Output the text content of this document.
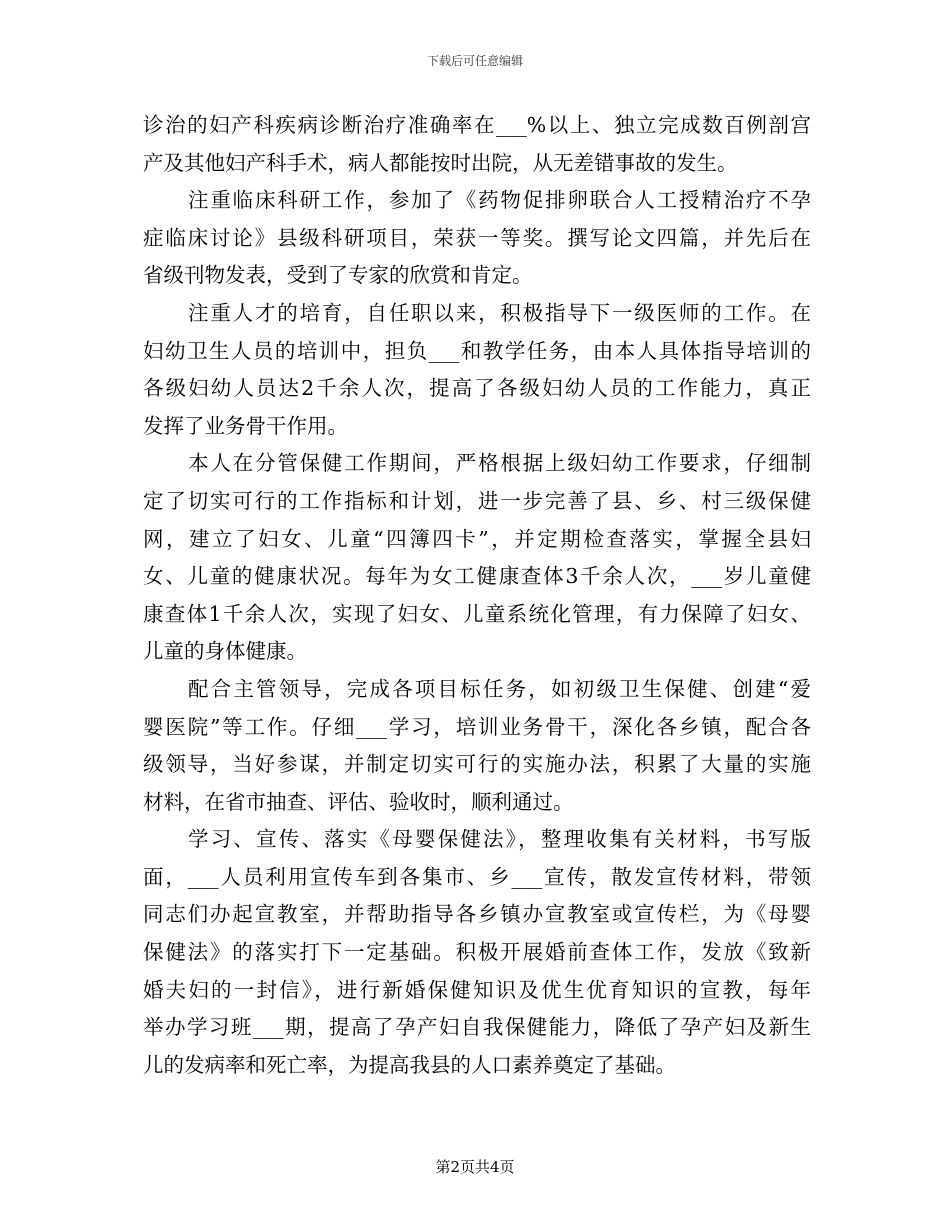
下载后可任意编辑
诊治的妇产科疾病诊断治疗准确率在___%以上、独立完成数百例剖宫
产及其他妇产科手术，病人都能按时出院，从无差错事故的发生。
注重临床科研工作，参加了《药物促排卵联合人工授精治疗不孕
症临床讨论》县级科研项目，荣获一等奖。撰写论文四篇，并先后在
省级刊物发表，受到了专家的欣赏和肯定。
注重人才的培育，自任职以来，积极指导下一级医师的工作。在
妇幼卫生人员的培训中，担负___和教学任务，由本人具体指导培训的
各级妇幼人员达2千余人次，提高了各级妇幼人员的工作能力，真正
发挥了业务骨干作用。
本人在分管保健工作期间，严格根据上级妇幼工作要求，仔细制
定了切实可行的工作指标和计划，进一步完善了县、乡、村三级保健
网，建立了妇女、儿童“四簿四卡”，并定期检查落实，掌握全县妇
女、儿童的健康状况。每年为女工健康查体3千余人次，___岁儿童健
康查体1千余人次，实现了妇女、儿童系统化管理，有力保障了妇女、
儿童的身体健康。
配合主管领导，完成各项目标任务，如初级卫生保健、创建“爱
婴医院”等工作。仔细___学习，培训业务骨干，深化各乡镇，配合各
级领导，当好参谋，并制定切实可行的实施办法，积累了大量的实施
材料，在省市抽查、评估、验收时，顺利通过。
学习、宣传、落实《母婴保健法》，整理收集有关材料，书写版
面，___人员利用宣传车到各集市、乡___宣传，散发宣传材料，带领
同志们办起宣教室，并帮助指导各乡镇办宣教室或宣传栏，为《母婴
保健法》的落实打下一定基础。积极开展婚前查体工作，发放《致新
婚夫妇的一封信》，进行新婚保健知识及优生优育知识的宣教，每年
举办学习班___期，提高了孕产妇自我保健能力，降低了孕产妇及新生
儿的发病率和死亡率，为提高我县的人口素养奠定了基础。
第2页共4页
